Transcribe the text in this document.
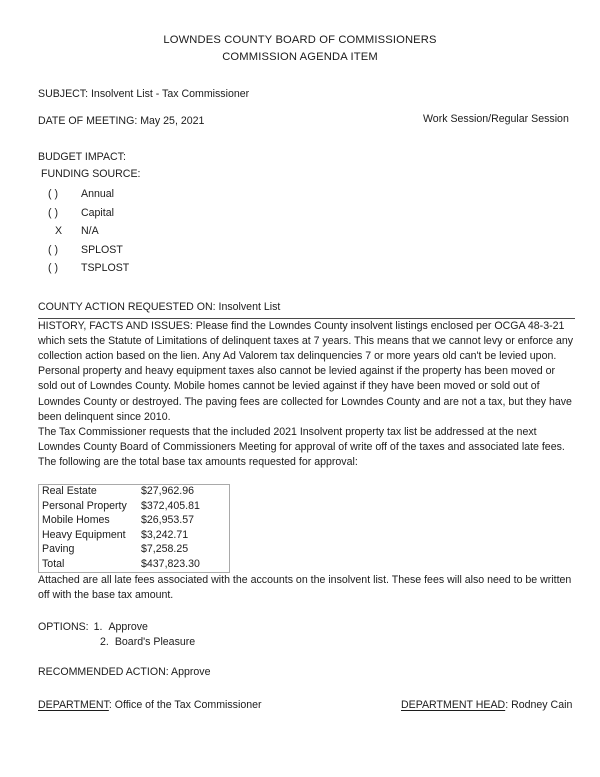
LOWNDES COUNTY BOARD OF COMMISSIONERS
COMMISSION AGENDA ITEM
SUBJECT: Insolvent List - Tax Commissioner
DATE OF MEETING: May 25, 2021	Work Session/Regular Session
BUDGET IMPACT:
FUNDING SOURCE:
( )	Annual
( )	Capital
X	N/A
( )	SPLOST
( )	TSPLOST
COUNTY ACTION REQUESTED ON: Insolvent List

HISTORY, FACTS AND ISSUES: Please find the Lowndes County insolvent listings enclosed per OCGA 48-3-21 which sets the Statute of Limitations of delinquent taxes at 7 years. This means that we cannot levy or enforce any collection action based on the lien. Any Ad Valorem tax delinquencies 7 or more years old can't be levied upon. Personal property and heavy equipment taxes also cannot be levied against if the property has been moved or sold out of Lowndes County. Mobile homes cannot be levied against if they have been moved or sold out of Lowndes County or destroyed. The paving fees are collected for Lowndes County and are not a tax, but they have been delinquent since 2010.

The Tax Commissioner requests that the included 2021 Insolvent property tax list be addressed at the next Lowndes County Board of Commissioners Meeting for approval of write off of the taxes and associated late fees.

The following are the total base tax amounts requested for approval:

Real Estate	$27,962.96
Personal Property	$372,405.81
Mobile Homes	$26,953.57
Heavy Equipment	$3,242.71
Paving	$7,258.25
Total	$437,823.30

Attached are all late fees associated with the accounts on the insolvent list. These fees will also need to be written off with the base tax amount.

OPTIONS: 1. Approve
2. Board's Pleasure
RECOMMENDED ACTION: Approve
DEPARTMENT: Office of the Tax Commissioner	DEPARTMENT HEAD: Rodney Cain
